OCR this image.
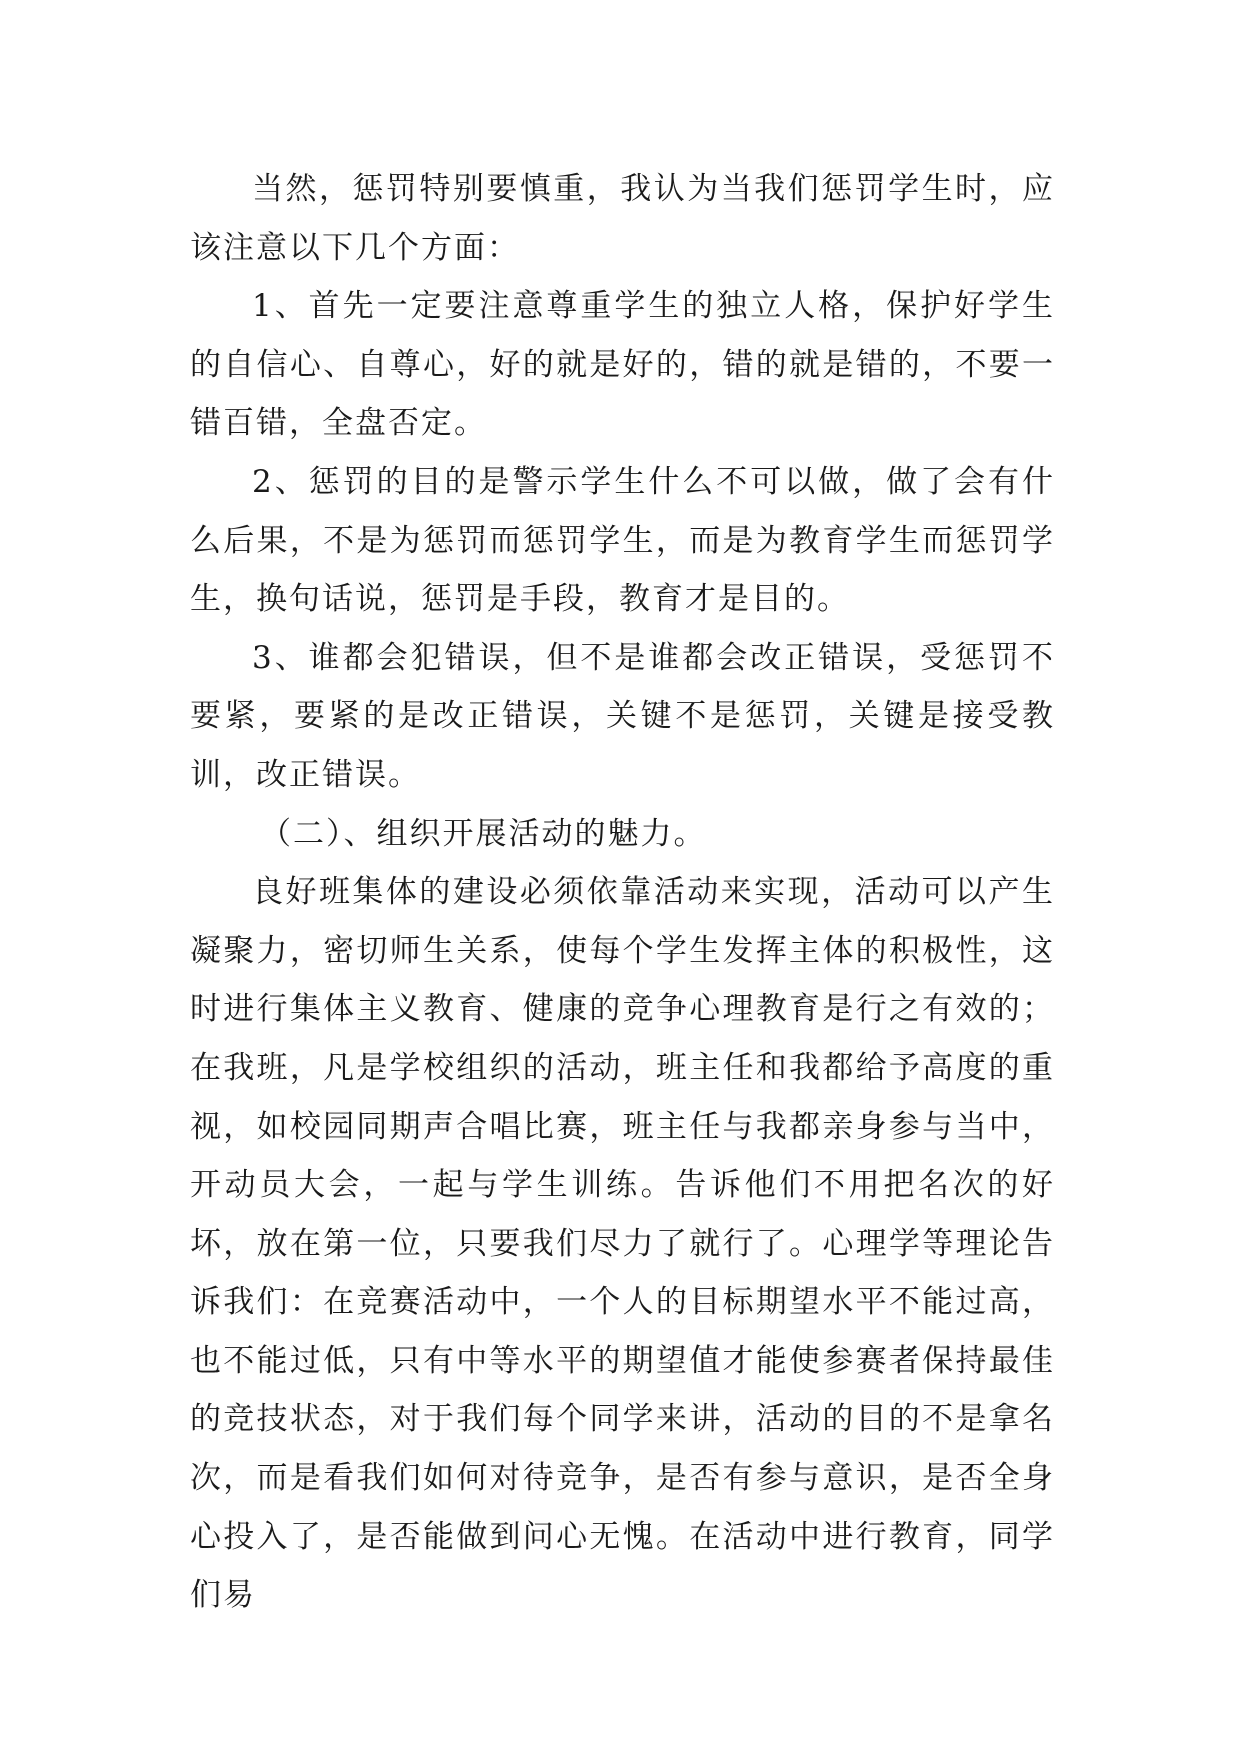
当然，惩罚特别要慎重，我认为当我们惩罚学生时，应该注意以下几个方面：

1、首先一定要注意尊重学生的独立人格，保护好学生的自信心、自尊心，好的就是好的，错的就是错的，不要一错百错，全盘否定。

2、惩罚的目的是警示学生什么不可以做，做了会有什么后果，不是为惩罚而惩罚学生，而是为教育学生而惩罚学生，换句话说，惩罚是手段，教育才是目的。

3、谁都会犯错误，但不是谁都会改正错误，受惩罚不要紧，要紧的是改正错误，关键不是惩罚，关键是接受教训，改正错误。

（二）、组织开展活动的魅力。

良好班集体的建设必须依靠活动来实现，活动可以产生凝聚力，密切师生关系，使每个学生发挥主体的积极性，这时进行集体主义教育、健康的竞争心理教育是行之有效的；在我班，凡是学校组织的活动，班主任和我都给予高度的重视，如校园同期声合唱比赛，班主任与我都亲身参与当中，开动员大会，一起与学生训练。告诉他们不用把名次的好坏，放在第一位，只要我们尽力了就行了。心理学等理论告诉我们：在竞赛活动中，一个人的目标期望水平不能过高，也不能过低，只有中等水平的期望值才能使参赛者保持最佳的竞技状态，对于我们每个同学来讲，活动的目的不是拿名次，而是看我们如何对待竞争，是否有参与意识，是否全身心投入了，是否能做到问心无愧。在活动中进行教育，同学们易
